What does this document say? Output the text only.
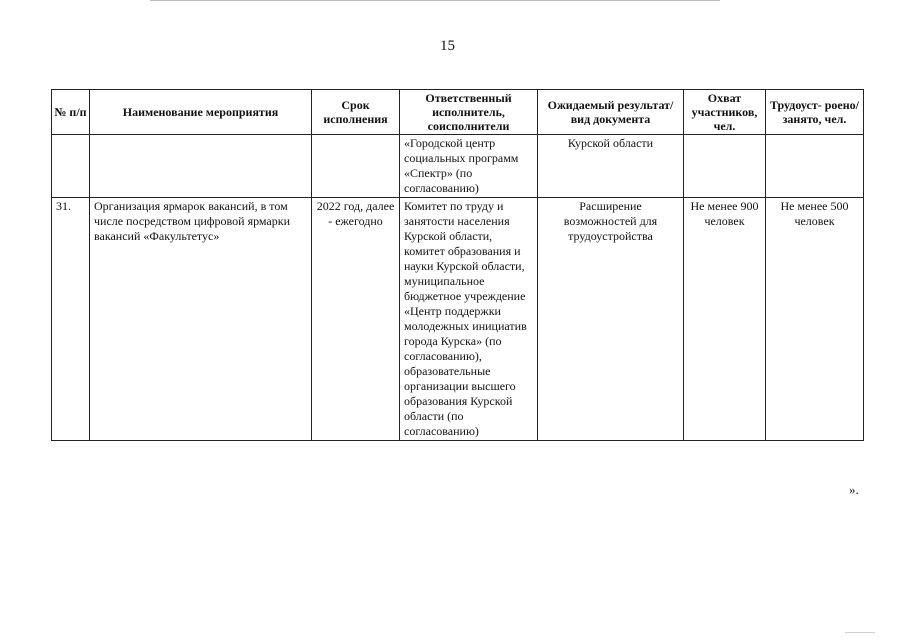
15
№ п/п	Наименование мероприятия	Срок исполнения	Ответственный исполнитель, соисполнители	Ожидаемый результат/вид документа	Охват участников, чел.	Трудоуст- роено/занято, чел.
			«Городской центр социальных программ «Спектр» (по согласованию)	Курской области		
31.	Организация ярмарок вакансий, в том числе посредством цифровой ярмарки вакансий «Факультетус»	2022 год, далее - ежегодно	Комитет по труду и занятости населения Курской области, комитет образования и науки Курской области, муниципальное бюджетное учреждение «Центр поддержки молодежных инициатив города Курска» (по согласованию), образовательные организации высшего образования Курской области (по согласованию)	Расширение возможностей для трудоустройства	Не менее 900 человек	Не менее 500 человек
».
